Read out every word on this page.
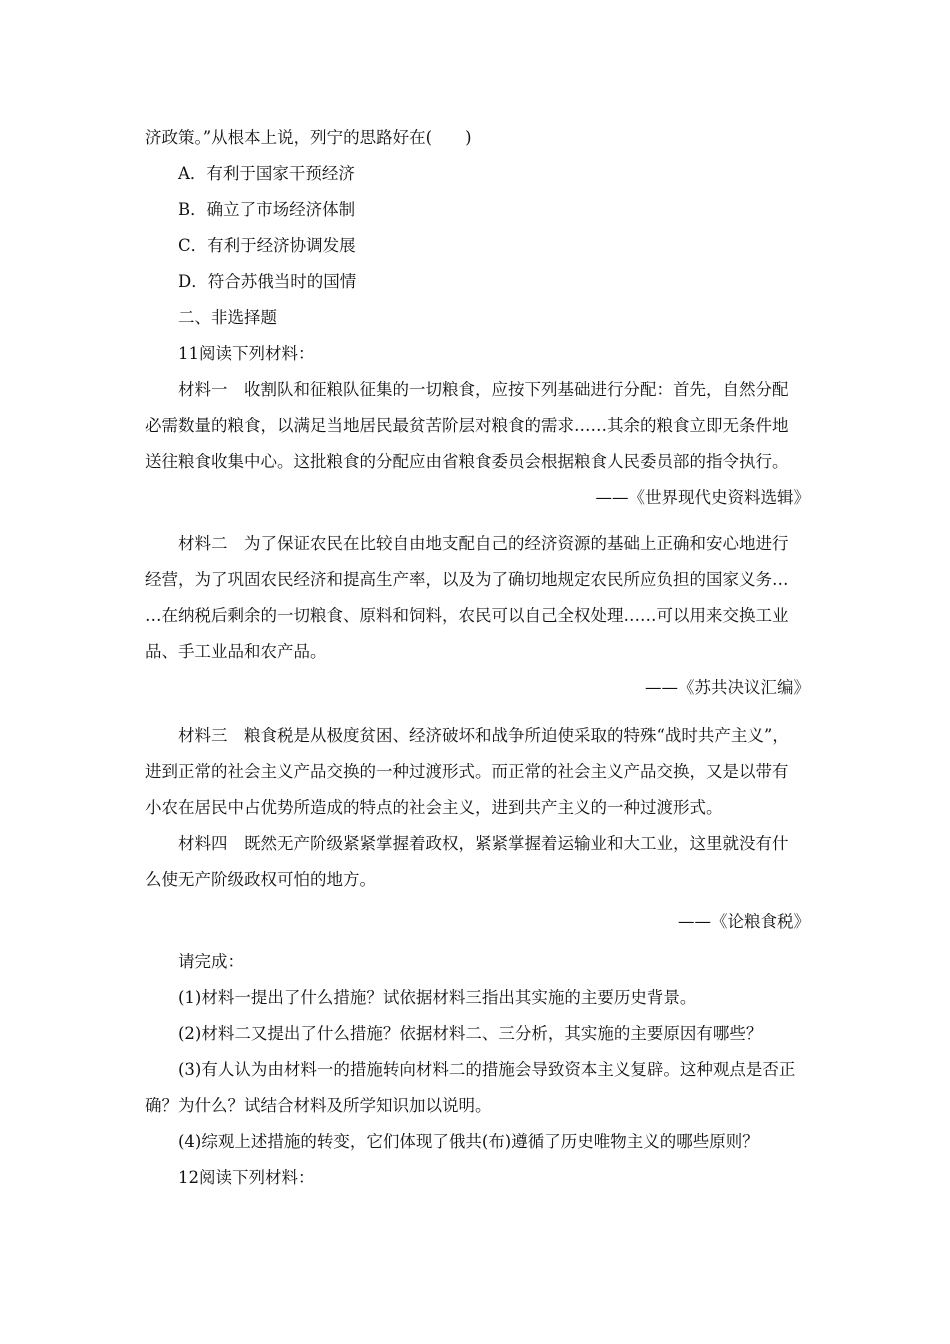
济政策。”从根本上说，列宁的思路好在(　　)
A．有利于国家干预经济
B．确立了市场经济体制
C．有利于经济协调发展
D．符合苏俄当时的国情
二、非选择题
11阅读下列材料：
材料一　收割队和征粮队征集的一切粮食，应按下列基础进行分配：首先，自然分配
必需数量的粮食，以满足当地居民最贫苦阶层对粮食的需求……其余的粮食立即无条件地
送往粮食收集中心。这批粮食的分配应由省粮食委员会根据粮食人民委员部的指令执行。
——《世界现代史资料选辑》
材料二　为了保证农民在比较自由地支配自己的经济资源的基础上正确和安心地进行
经营，为了巩固农民经济和提高生产率，以及为了确切地规定农民所应负担的国家义务…
…在纳税后剩余的一切粮食、原料和饲料，农民可以自己全权处理……可以用来交换工业
品、手工业品和农产品。
——《苏共决议汇编》
材料三　粮食税是从极度贫困、经济破坏和战争所迫使采取的特殊“战时共产主义”，
进到正常的社会主义产品交换的一种过渡形式。而正常的社会主义产品交换，又是以带有
小农在居民中占优势所造成的特点的社会主义，进到共产主义的一种过渡形式。
材料四　既然无产阶级紧紧掌握着政权，紧紧掌握着运输业和大工业，这里就没有什
么使无产阶级政权可怕的地方。
——《论粮食税》
请完成：
(1)材料一提出了什么措施？试依据材料三指出其实施的主要历史背景。
(2)材料二又提出了什么措施？依据材料二、三分析，其实施的主要原因有哪些？
(3)有人认为由材料一的措施转向材料二的措施会导致资本主义复辟。这种观点是否正
确？为什么？试结合材料及所学知识加以说明。
(4)综观上述措施的转变，它们体现了俄共(布)遵循了历史唯物主义的哪些原则？
12阅读下列材料：
